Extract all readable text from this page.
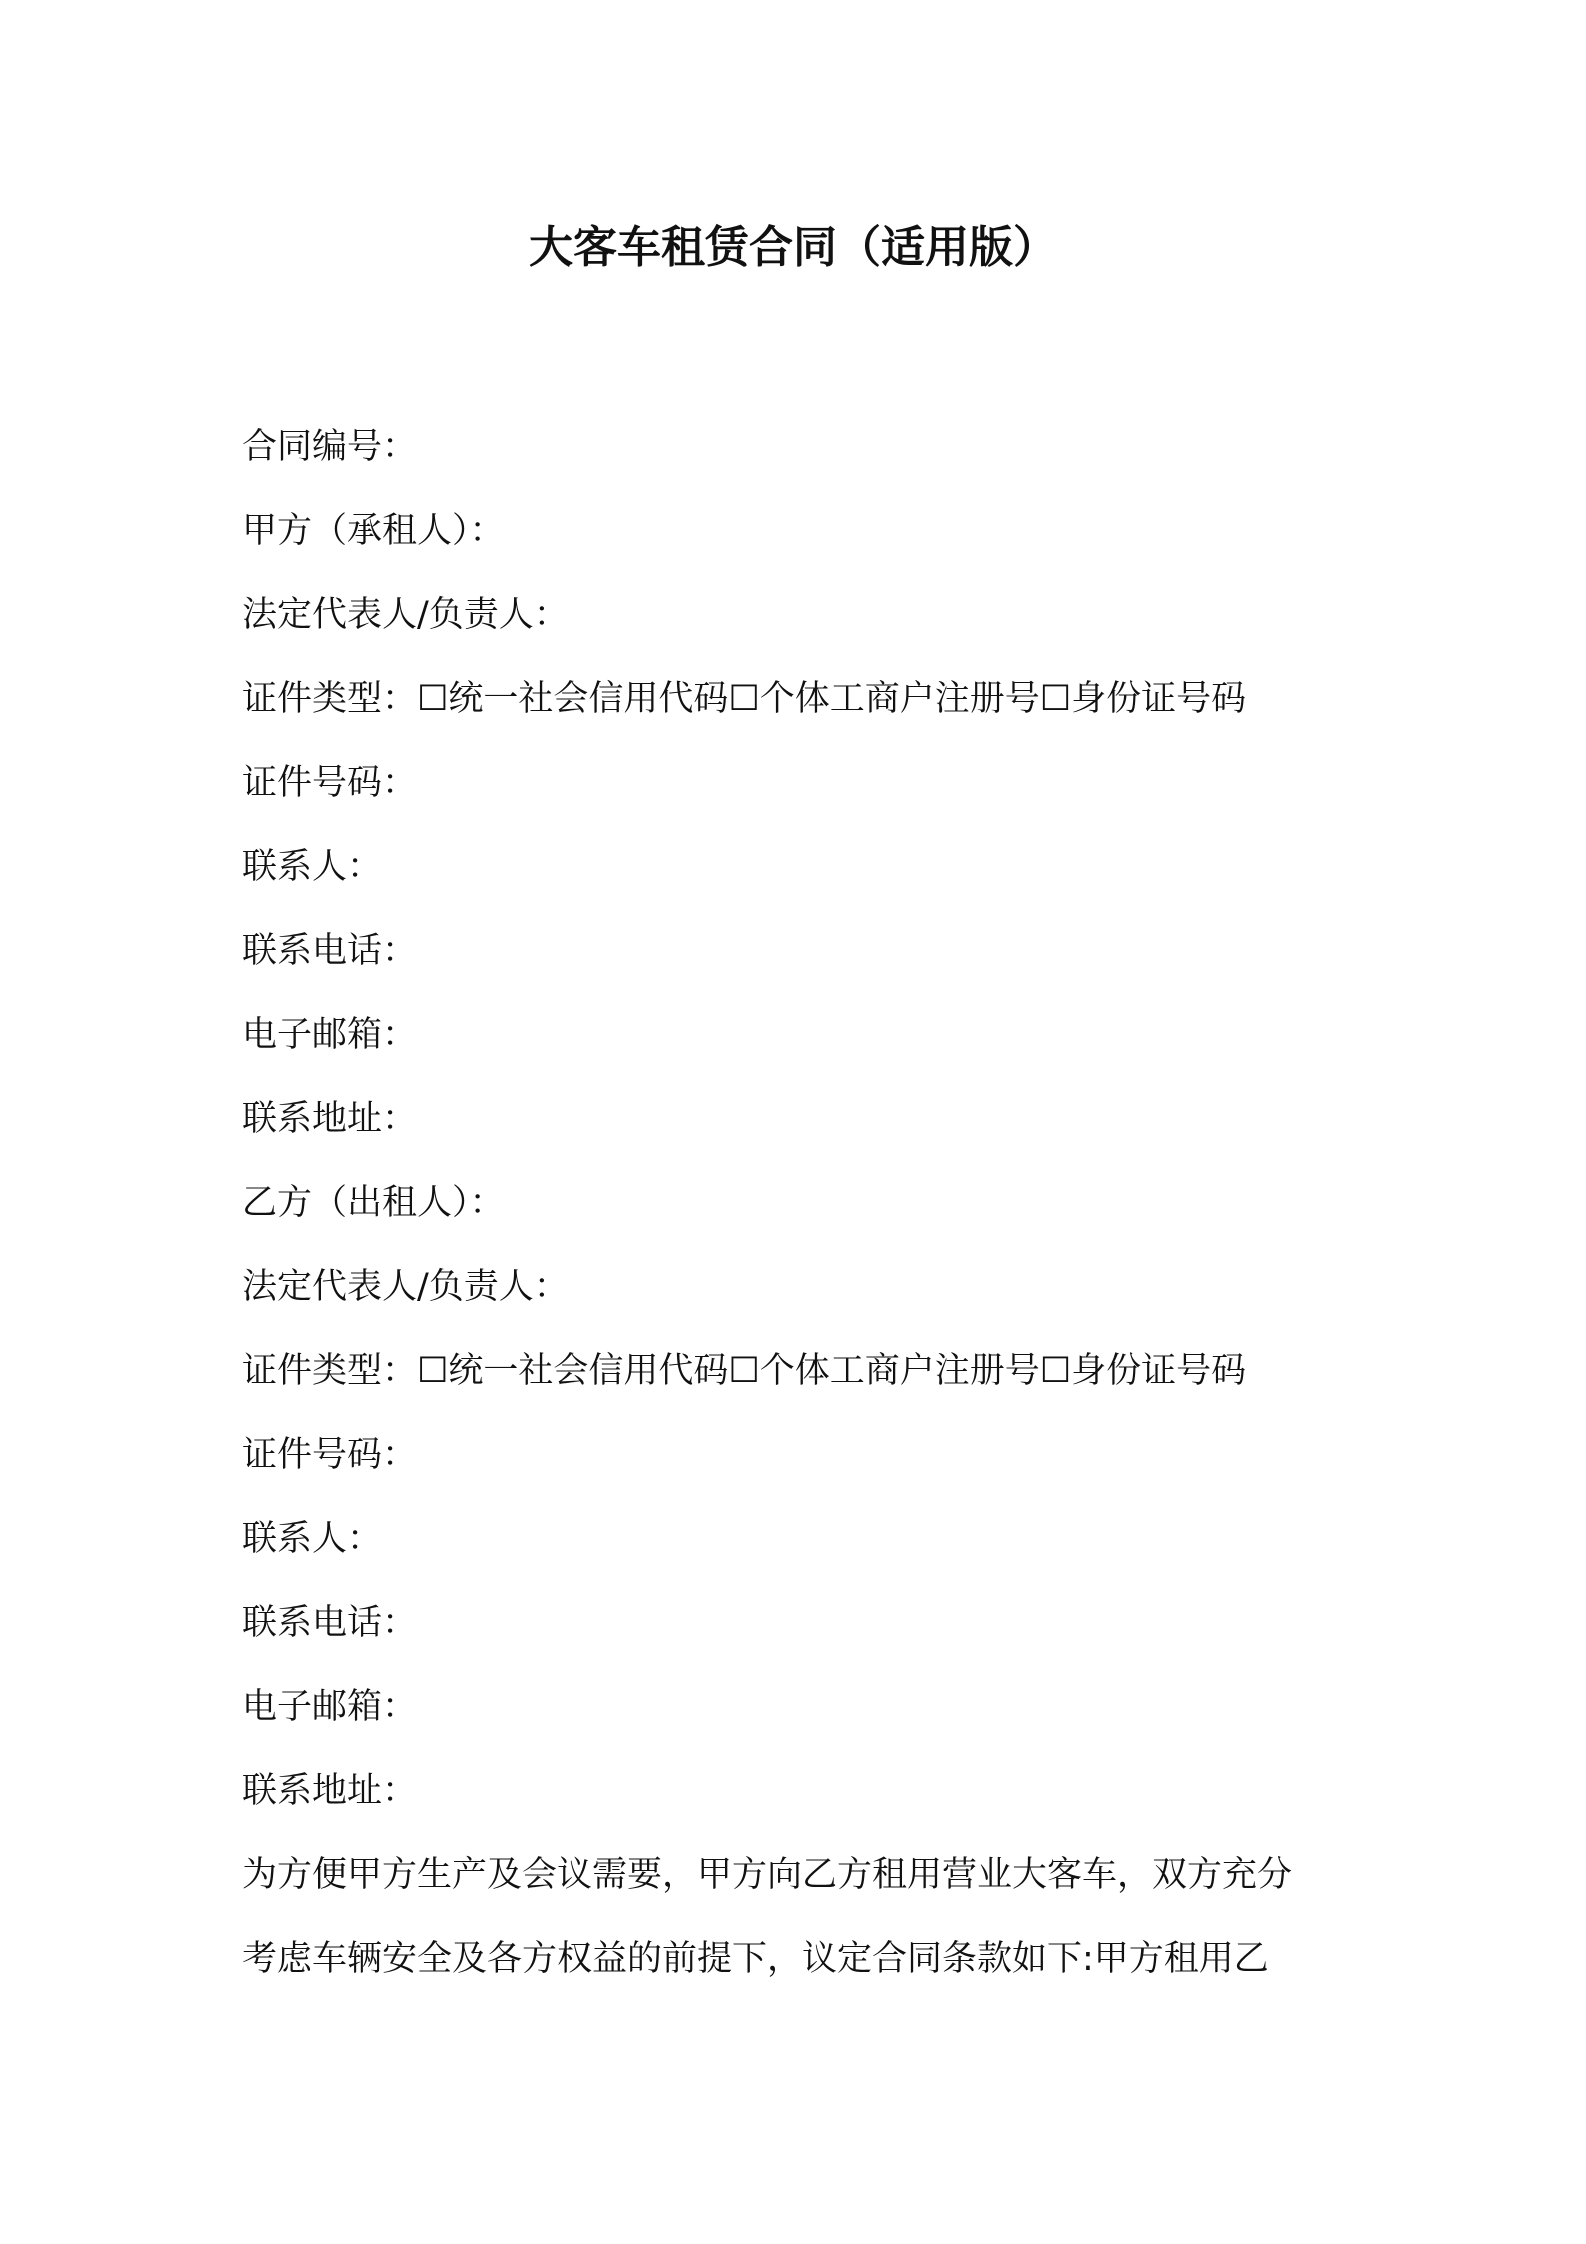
大客车租赁合同（适用版）

合同编号：

甲方（承租人）：

法定代表人/负责人：

证件类型：☐统一社会信用代码☐个体工商户注册号☐身份证号码

证件号码：

联系人：

联系电话：

电子邮箱：

联系地址：

乙方（出租人）：

法定代表人/负责人：

证件类型：☐统一社会信用代码☐个体工商户注册号☐身份证号码

证件号码：

联系人：

联系电话：

电子邮箱：

联系地址：

为方便甲方生产及会议需要，甲方向乙方租用营业大客车，双方充分

考虑车辆安全及各方权益的前提下，议定合同条款如下:甲方租用乙
